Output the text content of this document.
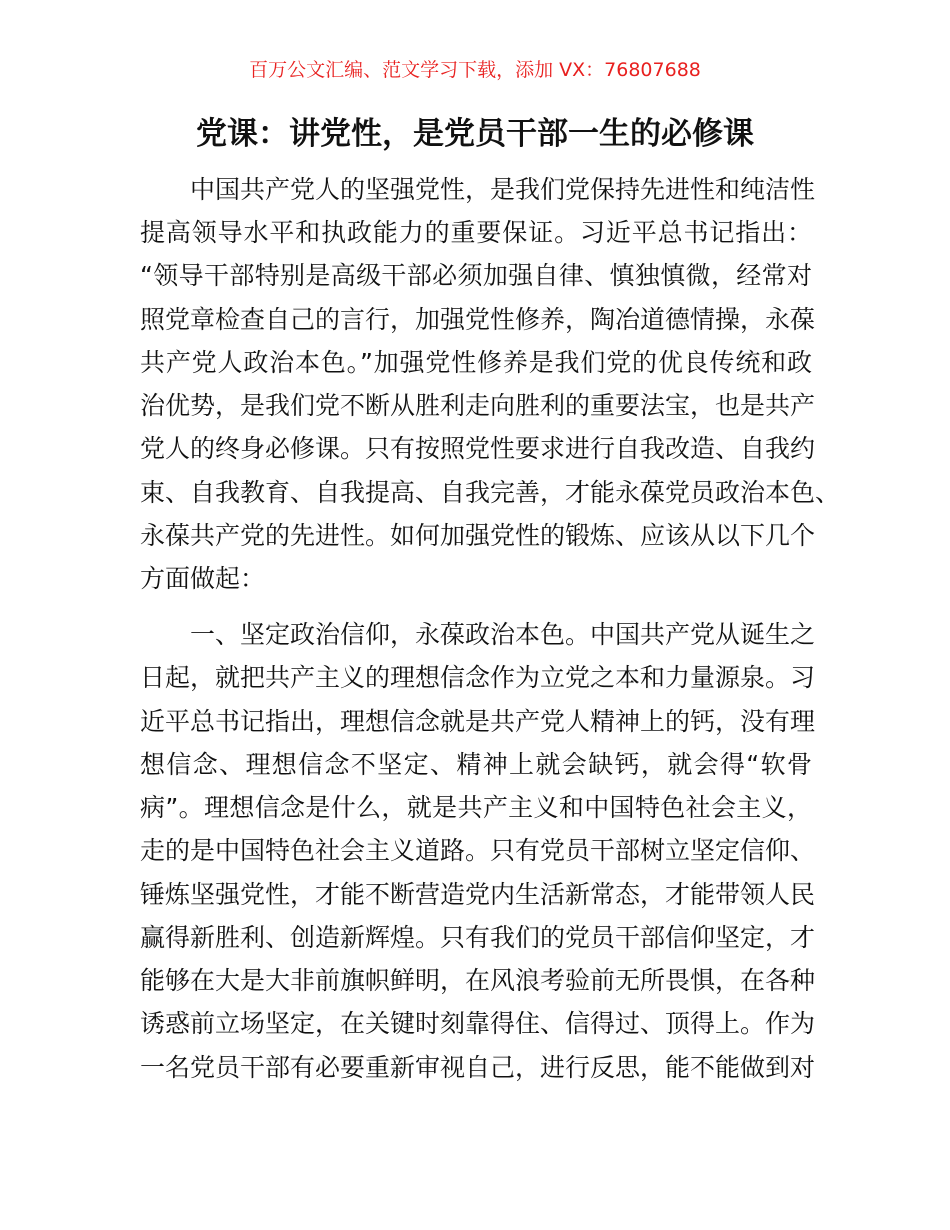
百万公文汇编、范文学习下载，添加 VX：76807688
党课：讲党性，是党员干部一生的必修课
中国共产党人的坚强党性，是我们党保持先进性和纯洁性
提高领导水平和执政能力的重要保证。习近平总书记指出：
“领导干部特别是高级干部必须加强自律、慎独慎微，经常对
照党章检查自己的言行，加强党性修养，陶冶道德情操，永葆
共产党人政治本色。”加强党性修养是我们党的优良传统和政
治优势，是我们党不断从胜利走向胜利的重要法宝，也是共产
党人的终身必修课。只有按照党性要求进行自我改造、自我约
束、自我教育、自我提高、自我完善，才能永葆党员政治本色、
永葆共产党的先进性。如何加强党性的锻炼、应该从以下几个
方面做起：
一、坚定政治信仰，永葆政治本色。中国共产党从诞生之
日起，就把共产主义的理想信念作为立党之本和力量源泉。习
近平总书记指出，理想信念就是共产党人精神上的钙，没有理
想信念、理想信念不坚定、精神上就会缺钙，就会得“软骨
病”。理想信念是什么，就是共产主义和中国特色社会主义，
走的是中国特色社会主义道路。只有党员干部树立坚定信仰、
锤炼坚强党性，才能不断营造党内生活新常态，才能带领人民
赢得新胜利、创造新辉煌。只有我们的党员干部信仰坚定，才
能够在大是大非前旗帜鲜明，在风浪考验前无所畏惧，在各种
诱惑前立场坚定，在关键时刻靠得住、信得过、顶得上。作为
一名党员干部有必要重新审视自己，进行反思，能不能做到对
